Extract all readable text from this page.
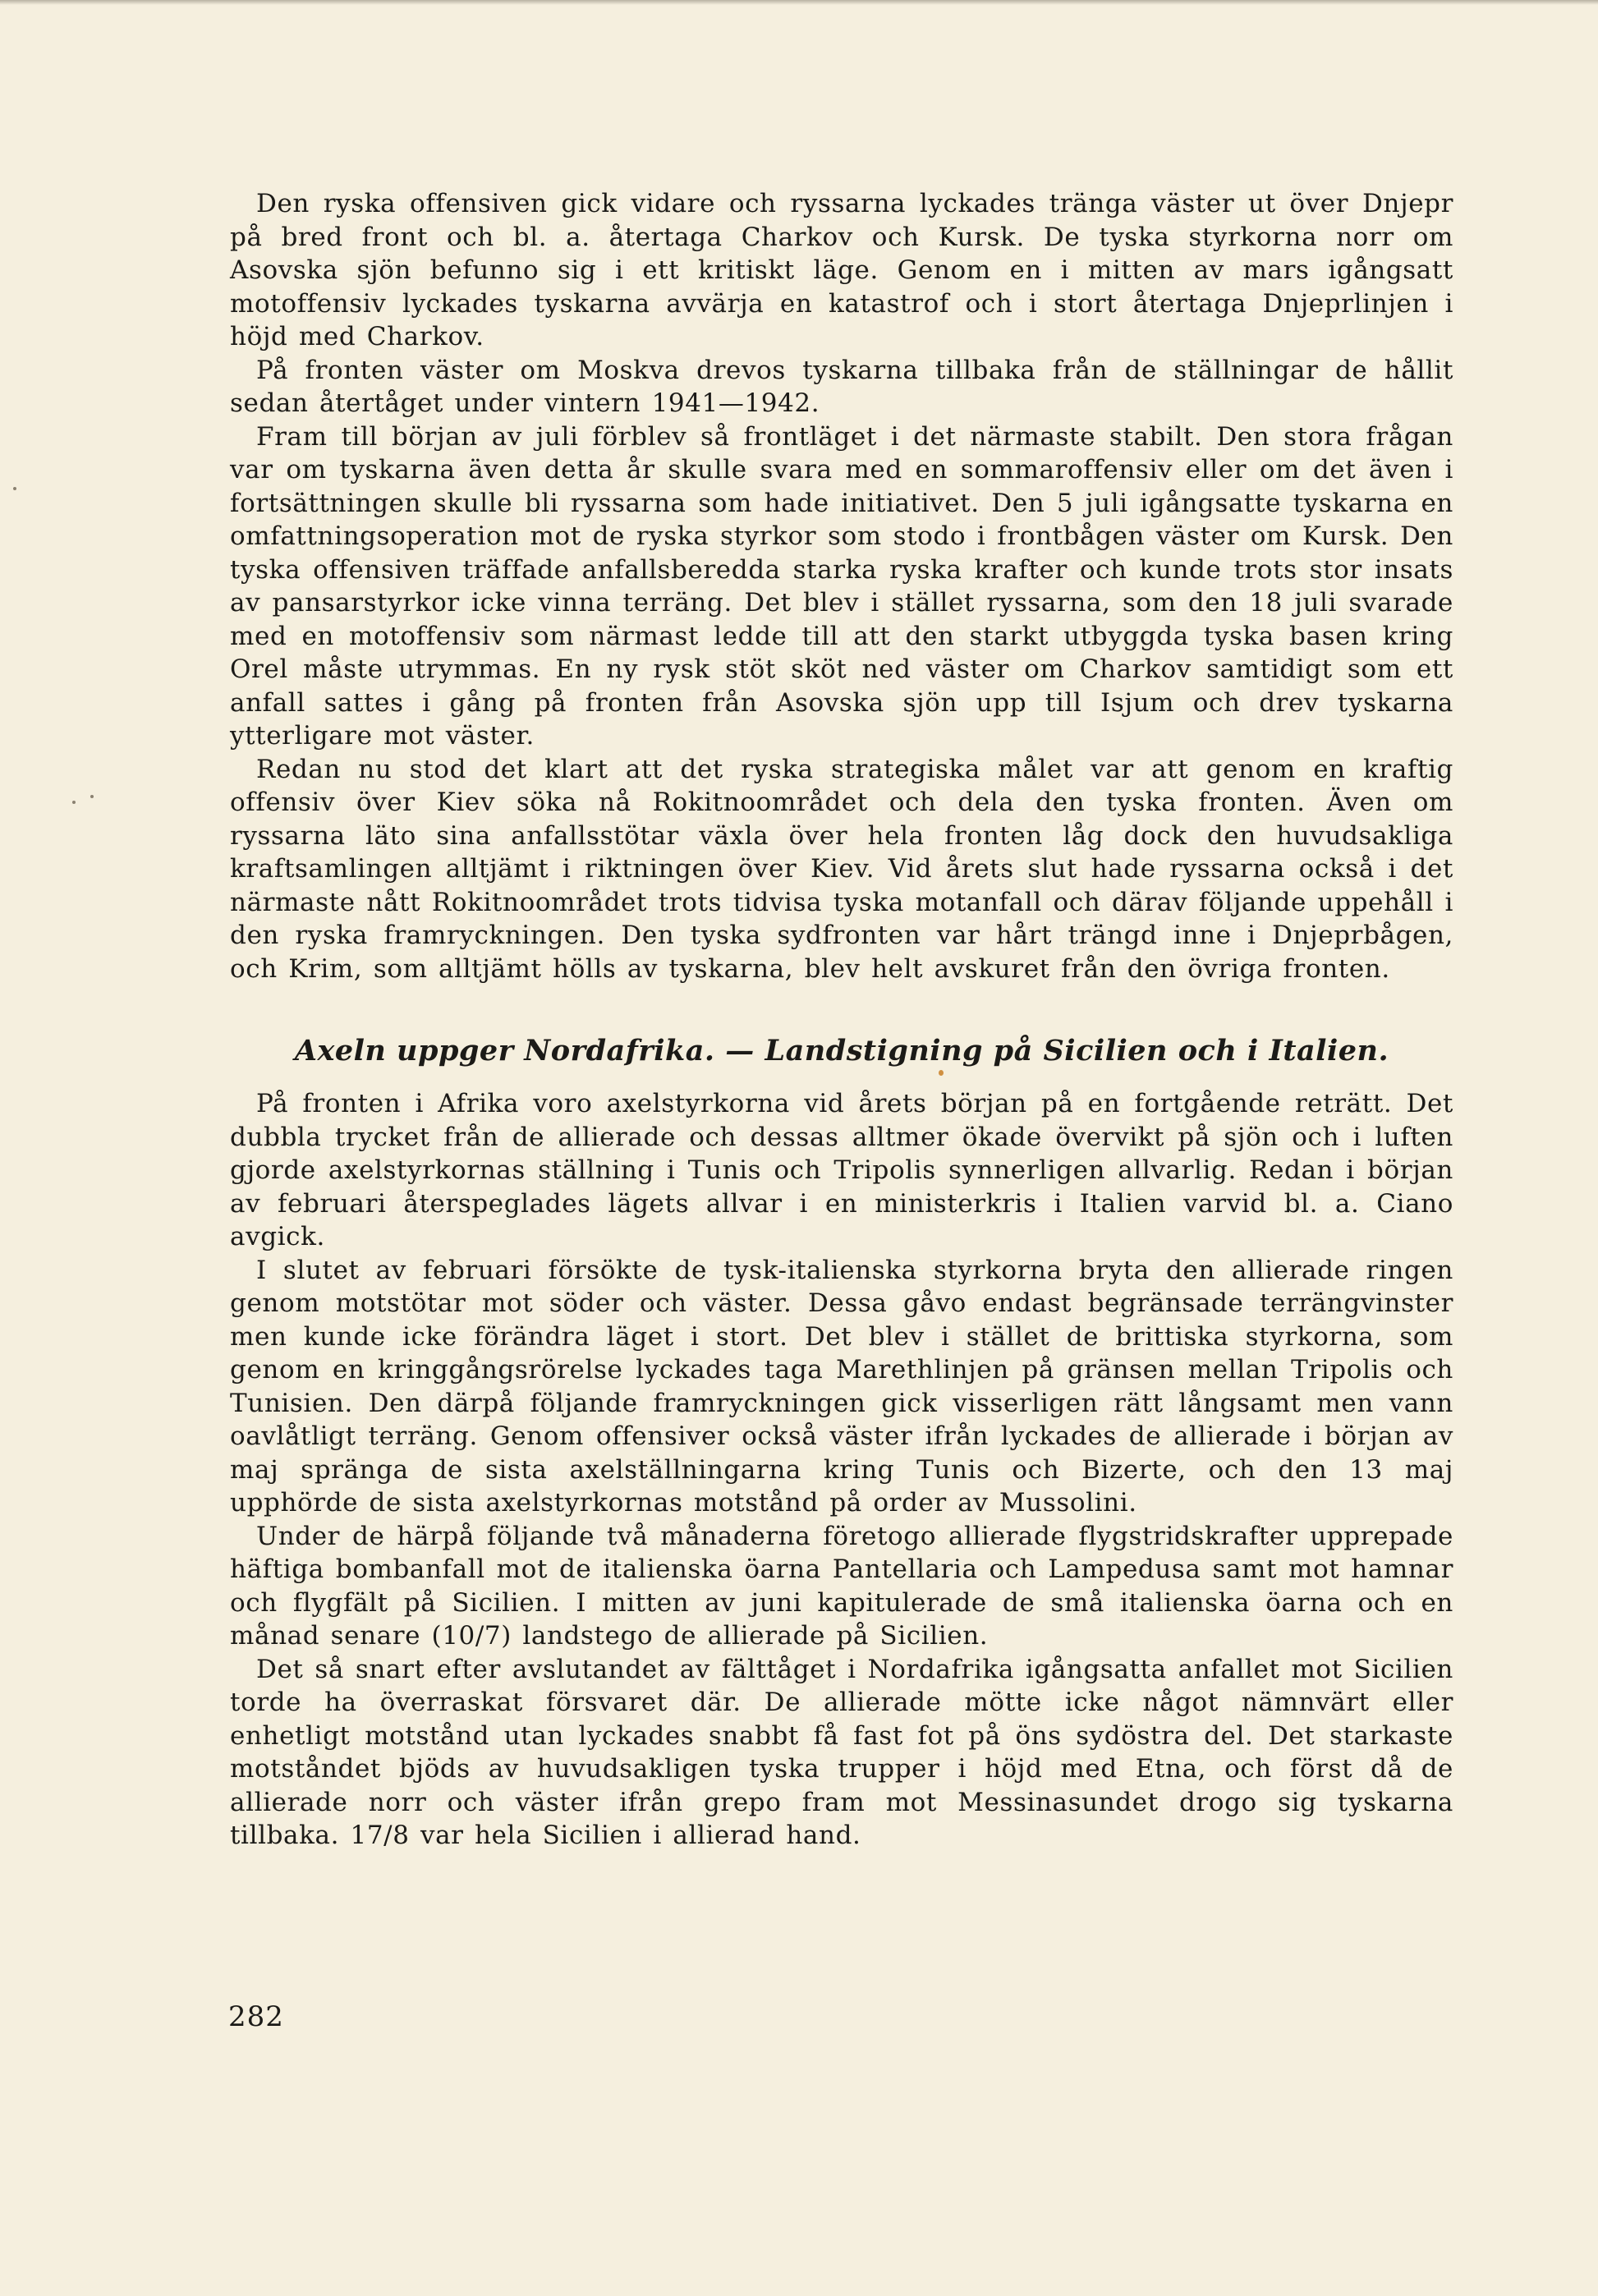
Den ryska offensiven gick vidare och ryssarna lyckades tränga väster ut över Dnjepr på bred front och bl. a. återtaga Charkov och Kursk. De tyska styrkorna norr om Asovska sjön befunno sig i ett kritiskt läge. Genom en i mitten av mars igångsatt motoffensiv lyckades tyskarna avvärja en katastrof och i stort återtaga Dnjeprlinjen i höjd med Charkov.

På fronten väster om Moskva drevos tyskarna tillbaka från de ställningar de hållit sedan återtåget under vintern 1941—1942.

Fram till början av juli förblev så frontläget i det närmaste stabilt. Den stora frågan var om tyskarna även detta år skulle svara med en sommaroffensiv eller om det även i fortsättningen skulle bli ryssarna som hade initiativet. Den 5 juli igångsatte tyskarna en omfattningsoperation mot de ryska styrkor som stodo i frontbågen väster om Kursk. Den tyska offensiven träffade anfallsberedda starka ryska krafter och kunde trots stor insats av pansarstyrkor icke vinna terräng. Det blev i stället ryssarna, som den 18 juli svarade med en motoffensiv som närmast ledde till att den starkt utbyggda tyska basen kring Orel måste utrymmas. En ny rysk stöt sköt ned väster om Charkov samtidigt som ett anfall sattes i gång på fronten från Asovska sjön upp till Isjum och drev tyskarna ytterligare mot väster.

Redan nu stod det klart att det ryska strategiska målet var att genom en kraftig offensiv över Kiev söka nå Rokitnoområdet och dela den tyska fronten. Även om ryssarna läto sina anfallsstötar växla över hela fronten låg dock den huvudsakliga kraftsamlingen alltjämt i riktningen över Kiev. Vid årets slut hade ryssarna också i det närmaste nått Rokitnoområdet trots tidvisa tyska motanfall och därav följande uppehåll i den ryska framryckningen. Den tyska sydfronten var hårt trängd inne i Dnjeprbågen, och Krim, som alltjämt hölls av tyskarna, blev helt avskuret från den övriga fronten.

Axeln uppger Nordafrika. — Landstigning på Sicilien och i Italien.

På fronten i Afrika voro axelstyrkorna vid årets början på en fortgående reträtt. Det dubbla trycket från de allierade och dessas alltmer ökade övervikt på sjön och i luften gjorde axelstyrkornas ställning i Tunis och Tripolis synnerligen allvarlig. Redan i början av februari återspeglades lägets allvar i en ministerkris i Italien varvid bl. a. Ciano avgick.

I slutet av februari försökte de tysk-italienska styrkorna bryta den allierade ringen genom motstötar mot söder och väster. Dessa gåvo endast begränsade terrängvinster men kunde icke förändra läget i stort. Det blev i stället de brittiska styrkorna, som genom en kringgångsrörelse lyckades taga Marethlinjen på gränsen mellan Tripolis och Tunisien. Den därpå följande framryckningen gick visserligen rätt långsamt men vann oavlåtligt terräng. Genom offensiver också väster ifrån lyckades de allierade i början av maj spränga de sista axelställningarna kring Tunis och Bizerte, och den 13 maj upphörde de sista axelstyrkornas motstånd på order av Mussolini.

Under de härpå följande två månaderna företogo allierade flygstridskrafter upprepade häftiga bombanfall mot de italienska öarna Pantellaria och Lampedusa samt mot hamnar och flygfält på Sicilien. I mitten av juni kapitulerade de små italienska öarna och en månad senare (10/7) landstego de allierade på Sicilien.

Det så snart efter avslutandet av fälttåget i Nordafrika igångsatta anfallet mot Sicilien torde ha överraskat försvaret där. De allierade mötte icke något nämnvärt eller enhetligt motstånd utan lyckades snabbt få fast fot på öns sydöstra del. Det starkaste motståndet bjöds av huvudsakligen tyska trupper i höjd med Etna, och först då de allierade norr och väster ifrån grepo fram mot Messinasundet drogo sig tyskarna tillbaka. 17/8 var hela Sicilien i allierad hand.

282
